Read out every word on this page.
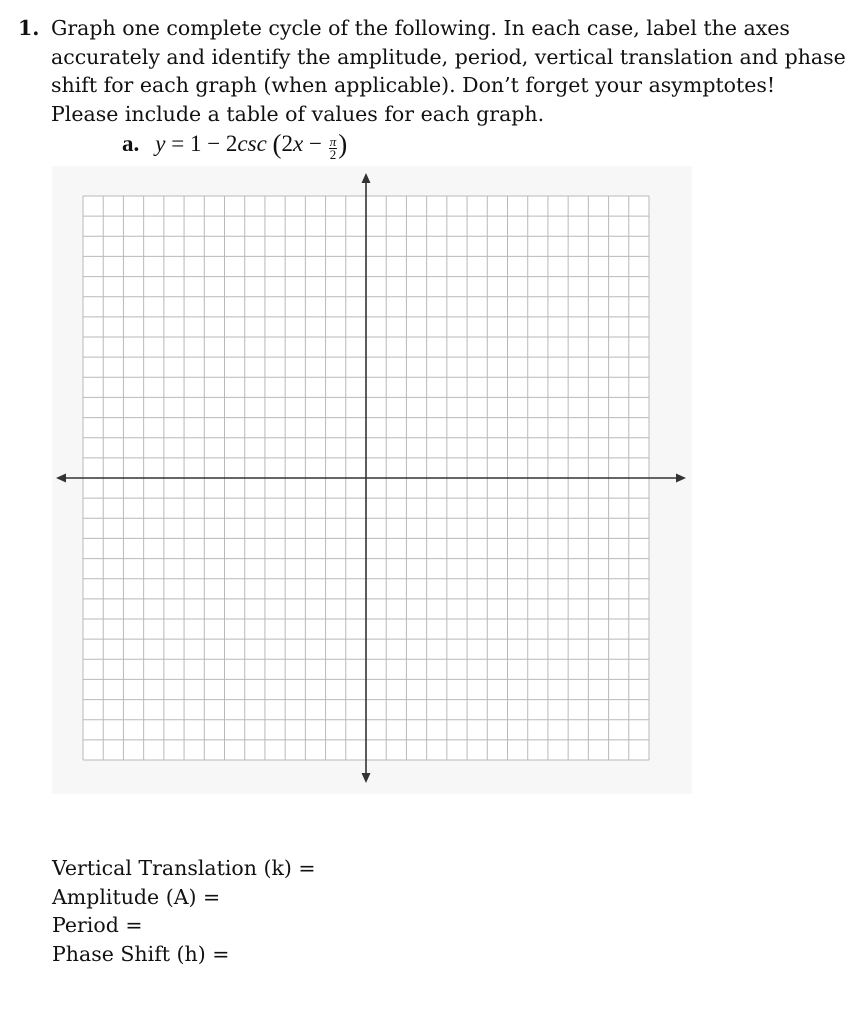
1. Graph one complete cycle of the following. In each case, label the axes accurately and identify the amplitude, period, vertical translation and phase shift for each graph (when applicable). Don’t forget your asymptotes! Please include a table of values for each graph.
a. y = 1 − 2csc ($2x - \frac{\pi}{2}$ )
Vertical Translation (k) =
Amplitude (A) =
Period =
Phase Shift (h) =
